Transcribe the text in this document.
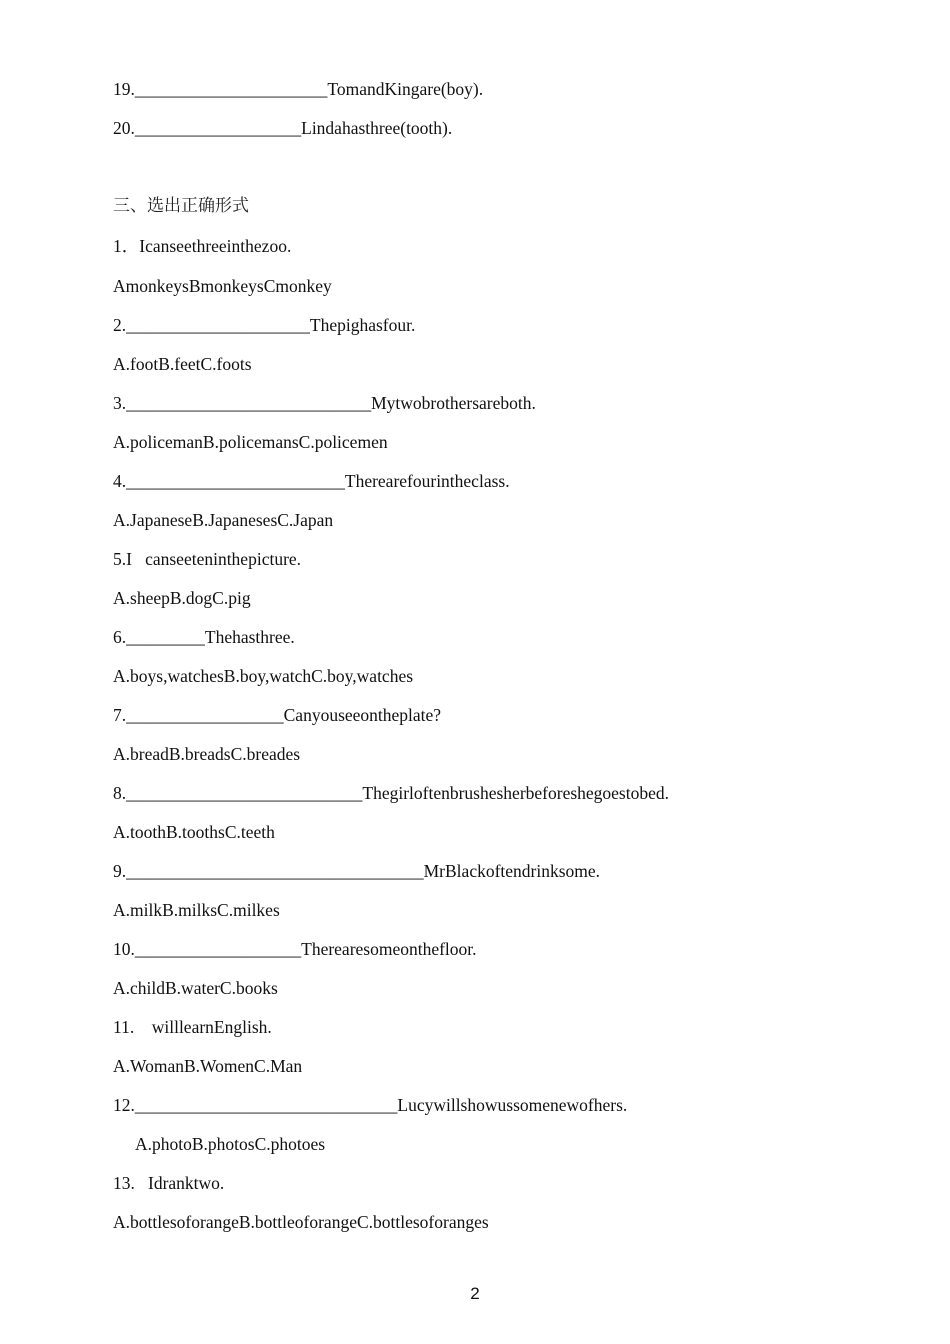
19.______________________TomandKingare(boy).
20.___________________Lindahasthree(tooth).
三、选出正确形式
1．Icanseethreeinthezoo.
AmonkeysBmonkeysCmonkey
2._____________________Thepighasfour.
A.footB.feetC.foots
3.____________________________Mytwobrothersareboth.
A.policemanB.policemansC.policemen
4._________________________Therearefourintheclass.
A.JapaneseB.JapanesesC.Japan
5.I   canseeteninthepicture.
A.sheepB.dogC.pig
6._________Thehasthree.
A.boys,watchesB.boy,watchC.boy,watches
7.__________________Canyouseeontheplate?
A.breadB.breadsC.breades
8.___________________________Thegirloftenbrushesherbeforeshegoestobed.
A.toothB.toothsC.teeth
9.__________________________________MrBlackoftendrinksome.
A.milkB.milksC.milkes
10.___________________Therearesomeonthefloor.
A.childB.waterC.books
11.    willlearnEnglish.
A.WomanB.WomenC.Man
12.______________________________Lucywillshowussomenewofhers.
A.photoB.photosC.photoes
13.   Idranktwo.
A.bottlesoforangeB.bottleoforangeC.bottlesoforanges
2
